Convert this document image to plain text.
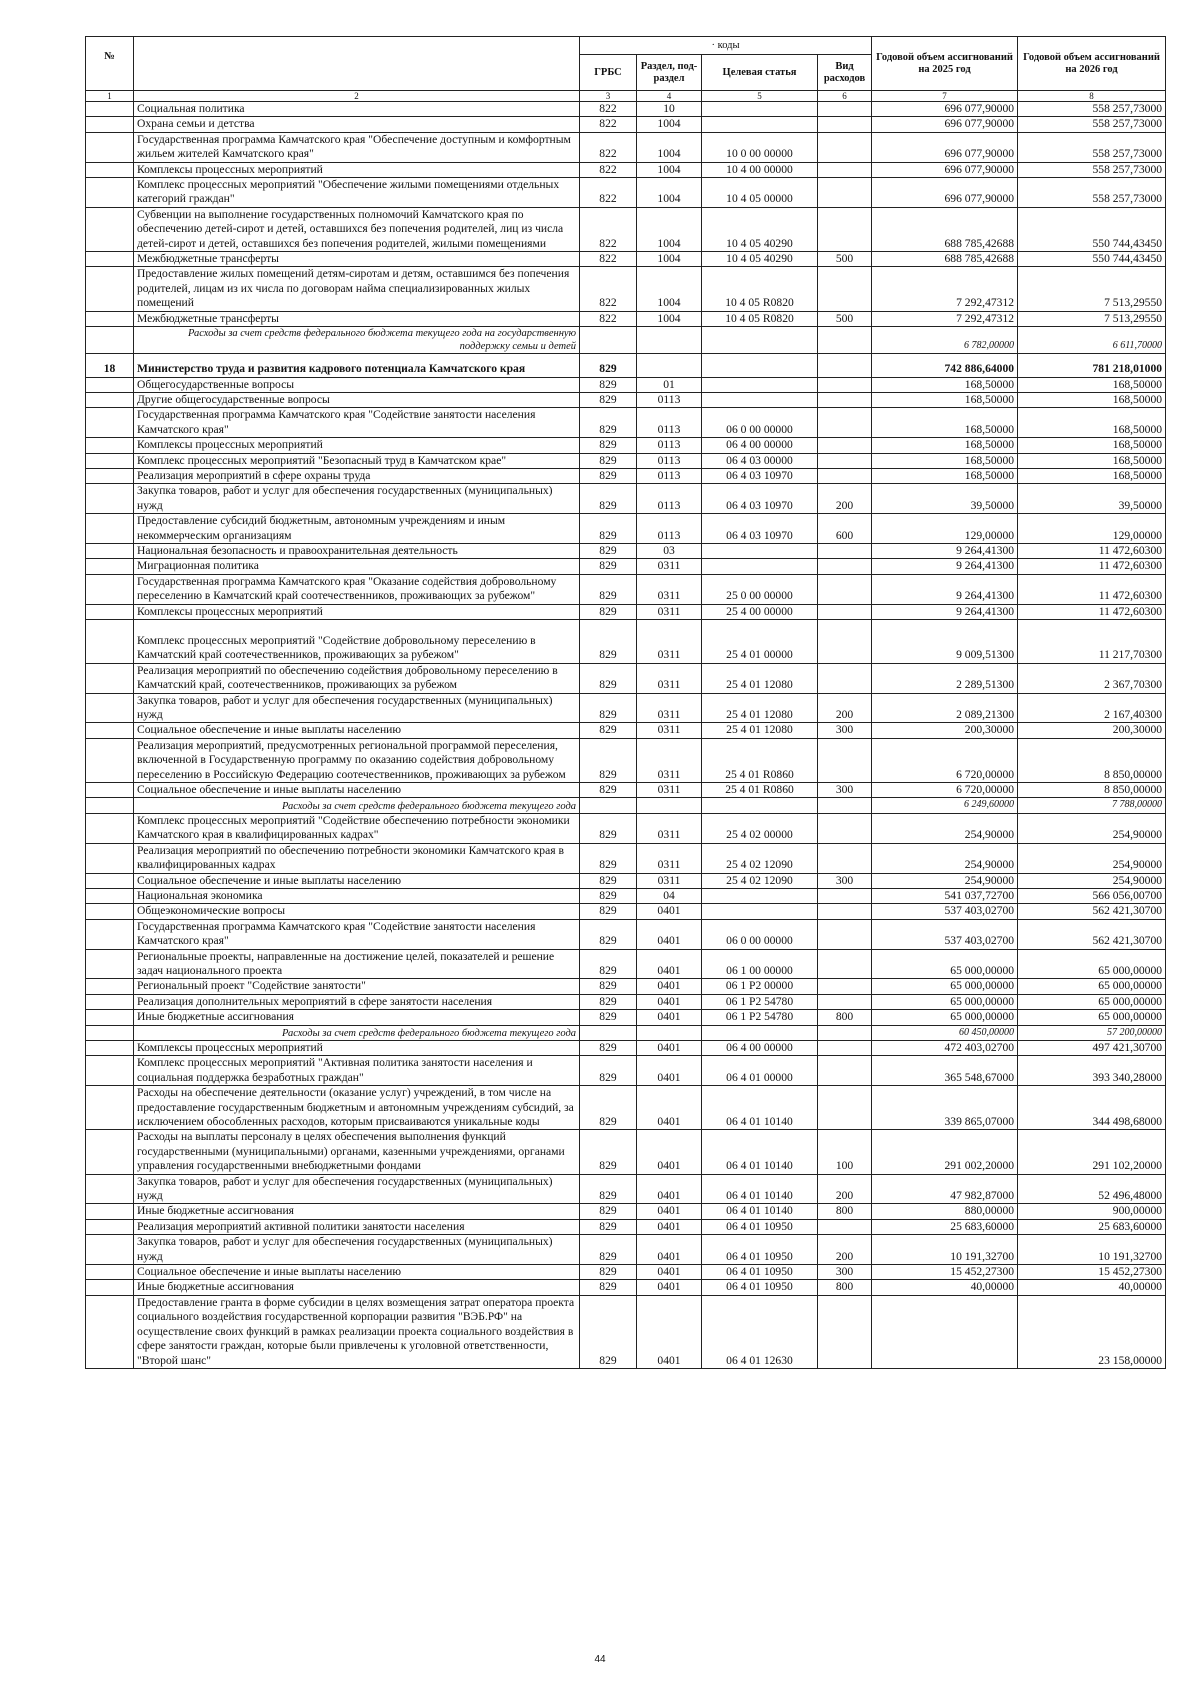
№		· коды				Годовой объем ассигнований на 2025 год	Годовой объем ассигнований на 2026 год
		ГРБС	Раздел, под-раздел	Целевая статья	Вид расходов		
1	2	3	4	5	6	7	8
	Социальная политика	822	10			696 077,90000	558 257,73000
	Охрана семьи и детства	822	1004			696 077,90000	558 257,73000
	Государственная программа Камчатского края "Обеспечение доступным и комфортным жильем жителей Камчатского края"	822	1004	10 0 00 00000		696 077,90000	558 257,73000
	Комплексы процессных мероприятий	822	1004	10 4 00 00000		696 077,90000	558 257,73000
	Комплекс процессных мероприятий "Обеспечение жилыми помещениями отдельных категорий граждан"	822	1004	10 4 05 00000		696 077,90000	558 257,73000
	Субвенции на выполнение государственных полномочий Камчатского края по обеспечению детей-сирот и детей, оставшихся без попечения родителей, лиц из числа детей-сирот и детей, оставшихся без попечения родителей, жилыми помещениями	822	1004	10 4 05 40290		688 785,42688	550 744,43450
	Межбюджетные трансферты	822	1004	10 4 05 40290	500	688 785,42688	550 744,43450
	Предоставление жилых помещений детям-сиротам и детям, оставшимся без попечения родителей, лицам из их числа по договорам найма специализированных жилых помещений	822	1004	10 4 05 R0820		7 292,47312	7 513,29550
	Межбюджетные трансферты	822	1004	10 4 05 R0820	500	7 292,47312	7 513,29550
	Расходы за счет средств федерального бюджета текущего года на государственную поддержку семьи и детей					6 782,00000	6 611,70000
18	Министерство труда и развития кадрового потенциала Камчатского края	829				742 886,64000	781 218,01000
	Общегосударственные вопросы	829	01			168,50000	168,50000
	Другие общегосударственные вопросы	829	0113			168,50000	168,50000
	Государственная программа Камчатского края "Содействие занятости населения Камчатского края"	829	0113	06 0 00 00000		168,50000	168,50000
	Комплексы процессных мероприятий	829	0113	06 4 00 00000		168,50000	168,50000
	Комплекс процессных мероприятий "Безопасный труд в Камчатском крае"	829	0113	06 4 03 00000		168,50000	168,50000
	Реализация мероприятий в сфере охраны труда	829	0113	06 4 03 10970		168,50000	168,50000
	Закупка товаров, работ и услуг для обеспечения государственных (муниципальных) нужд	829	0113	06 4 03 10970	200	39,50000	39,50000
	Предоставление субсидий бюджетным, автономным учреждениям и иным некоммерческим организациям	829	0113	06 4 03 10970	600	129,00000	129,00000
	Национальная безопасность и правоохранительная деятельность	829	03			9 264,41300	11 472,60300
	Миграционная политика	829	0311			9 264,41300	11 472,60300
	Государственная программа Камчатского края "Оказание содействия добровольному переселению в Камчатский край соотечественников, проживающих за рубежом"	829	0311	25 0 00 00000		9 264,41300	11 472,60300
	Комплексы процессных мероприятий	829	0311	25 4 00 00000		9 264,41300	11 472,60300
	Комплекс процессных мероприятий "Содействие добровольному переселению в Камчатский край соотечественников, проживающих за рубежом"	829	0311	25 4 01 00000		9 009,51300	11 217,70300
	Реализация мероприятий по обеспечению содействия добровольному переселению в Камчатский край, соотечественников, проживающих за рубежом	829	0311	25 4 01 12080		2 289,51300	2 367,70300
	Закупка товаров, работ и услуг для обеспечения государственных (муниципальных) нужд	829	0311	25 4 01 12080	200	2 089,21300	2 167,40300
	Социальное обеспечение и иные выплаты населению	829	0311	25 4 01 12080	300	200,30000	200,30000
	Реализация мероприятий, предусмотренных региональной программой переселения, включенной в Государственную программу по оказанию содействия добровольному переселению в Российскую Федерацию соотечественников, проживающих за рубежом	829	0311	25 4 01 R0860		6 720,00000	8 850,00000
	Социальное обеспечение и иные выплаты населению	829	0311	25 4 01 R0860	300	6 720,00000	8 850,00000
	Расходы за счет средств федерального бюджета текущего года					6 249,60000	7 788,00000
	Комплекс процессных мероприятий "Содействие обеспечению потребности экономики Камчатского края в квалифицированных кадрах"	829	0311	25 4 02 00000		254,90000	254,90000
	Реализация мероприятий по обеспечению потребности экономики Камчатского края в квалифицированных кадрах	829	0311	25 4 02 12090		254,90000	254,90000
	Социальное обеспечение и иные выплаты населению	829	0311	25 4 02 12090	300	254,90000	254,90000
	Национальная экономика	829	04			541 037,72700	566 056,00700
	Общеэкономические вопросы	829	0401			537 403,02700	562 421,30700
	Государственная программа Камчатского края "Содействие занятости населения Камчатского края"	829	0401	06 0 00 00000		537 403,02700	562 421,30700
	Региональные проекты, направленные на достижение целей, показателей и решение задач национального проекта	829	0401	06 1 00 00000		65 000,00000	65 000,00000
	Региональный проект "Содействие занятости"	829	0401	06 1 P2 00000		65 000,00000	65 000,00000
	Реализация дополнительных мероприятий в сфере занятости населения	829	0401	06 1 P2 54780		65 000,00000	65 000,00000
	Иные бюджетные ассигнования	829	0401	06 1 P2 54780	800	65 000,00000	65 000,00000
	Расходы за счет средств федерального бюджета текущего года					60 450,00000	57 200,00000
	Комплексы процессных мероприятий	829	0401	06 4 00 00000		472 403,02700	497 421,30700
	Комплекс процессных мероприятий "Активная политика занятости населения и социальная поддержка безработных граждан"	829	0401	06 4 01 00000		365 548,67000	393 340,28000
	Расходы на обеспечение деятельности (оказание услуг) учреждений, в том числе на предоставление государственным бюджетным и автономным учреждениям субсидий, за исключением обособленных расходов, которым присваиваются уникальные коды	829	0401	06 4 01 10140		339 865,07000	344 498,68000
	Расходы на выплаты персоналу в целях обеспечения выполнения функций государственными (муниципальными) органами, казенными учреждениями, органами управления государственными внебюджетными фондами	829	0401	06 4 01 10140	100	291 002,20000	291 102,20000
	Закупка товаров, работ и услуг для обеспечения государственных (муниципальных) нужд	829	0401	06 4 01 10140	200	47 982,87000	52 496,48000
	Иные бюджетные ассигнования	829	0401	06 4 01 10140	800	880,00000	900,00000
	Реализация мероприятий активной политики занятости населения	829	0401	06 4 01 10950		25 683,60000	25 683,60000
	Закупка товаров, работ и услуг для обеспечения государственных (муниципальных) нужд	829	0401	06 4 01 10950	200	10 191,32700	10 191,32700
	Социальное обеспечение и иные выплаты населению	829	0401	06 4 01 10950	300	15 452,27300	15 452,27300
	Иные бюджетные ассигнования	829	0401	06 4 01 10950	800	40,00000	40,00000
	Предоставление гранта в форме субсидии в целях возмещения затрат оператора проекта социального воздействия государственной корпорации развития "ВЭБ.РФ" на осуществление своих функций в рамках реализации проекта социального воздействия в сфере занятости граждан, которые были привлечены к уголовной ответственности, "Второй шанс"	829	0401	06 4 01 12630			23 158,00000
44
